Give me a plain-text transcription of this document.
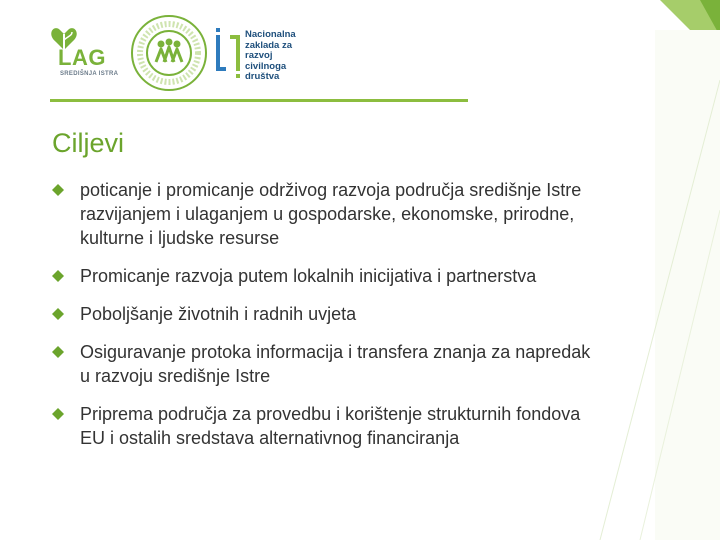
LAG
SREDIŠNJA ISTRA
Nacionalna
zaklada za
razvoj
civilnoga
društva
Ciljevi
poticanje i promicanje održivog razvoja područja središnje Istre razvijanjem i ulaganjem u gospodarske, ekonomske, prirodne, kulturne i ljudske resurse
Promicanje razvoja putem lokalnih inicijativa i partnerstva
Poboljšanje životnih i radnih uvjeta
Osiguravanje protoka informacija i transfera znanja za napredak u razvoju središnje Istre
Priprema područja za provedbu i korištenje strukturnih fondova EU i ostalih sredstava alternativnog financiranja
